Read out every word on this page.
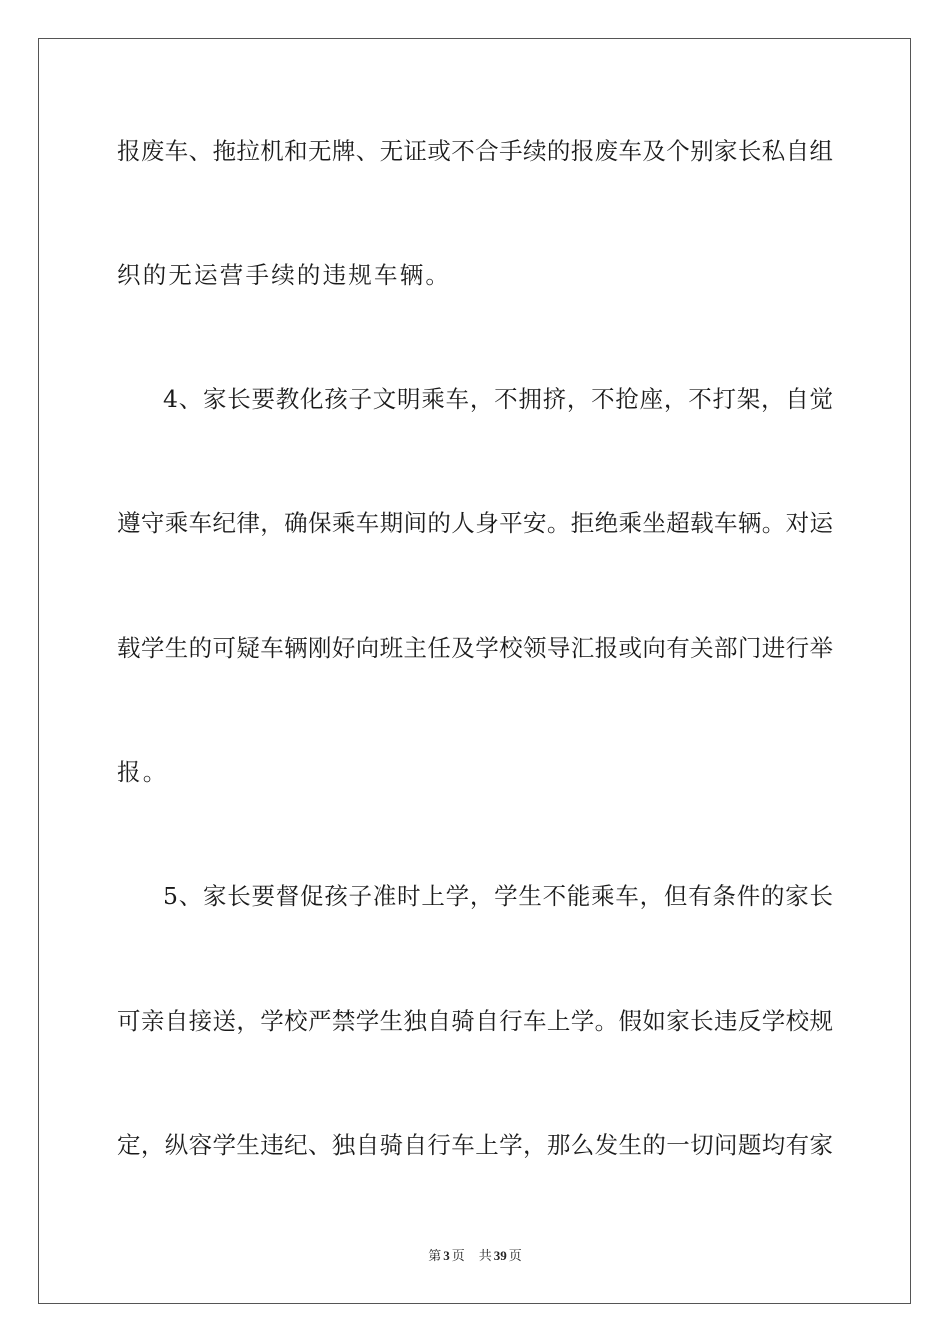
报废车、拖拉机和无牌、无证或不合手续的报废车及个别家长私自组
织的无运营手续的违规车辆。
4、家长要教化孩子文明乘车，不拥挤，不抢座，不打架，自觉
遵守乘车纪律，确保乘车期间的人身平安。拒绝乘坐超载车辆。对运
载学生的可疑车辆刚好向班主任及学校领导汇报或向有关部门进行举
报。
5、家长要督促孩子准时上学，学生不能乘车，但有条件的家长
可亲自接送，学校严禁学生独自骑自行车上学。假如家长违反学校规
定，纵容学生违纪、独自骑自行车上学，那么发生的一切问题均有家
第 3 页 共 39 页
